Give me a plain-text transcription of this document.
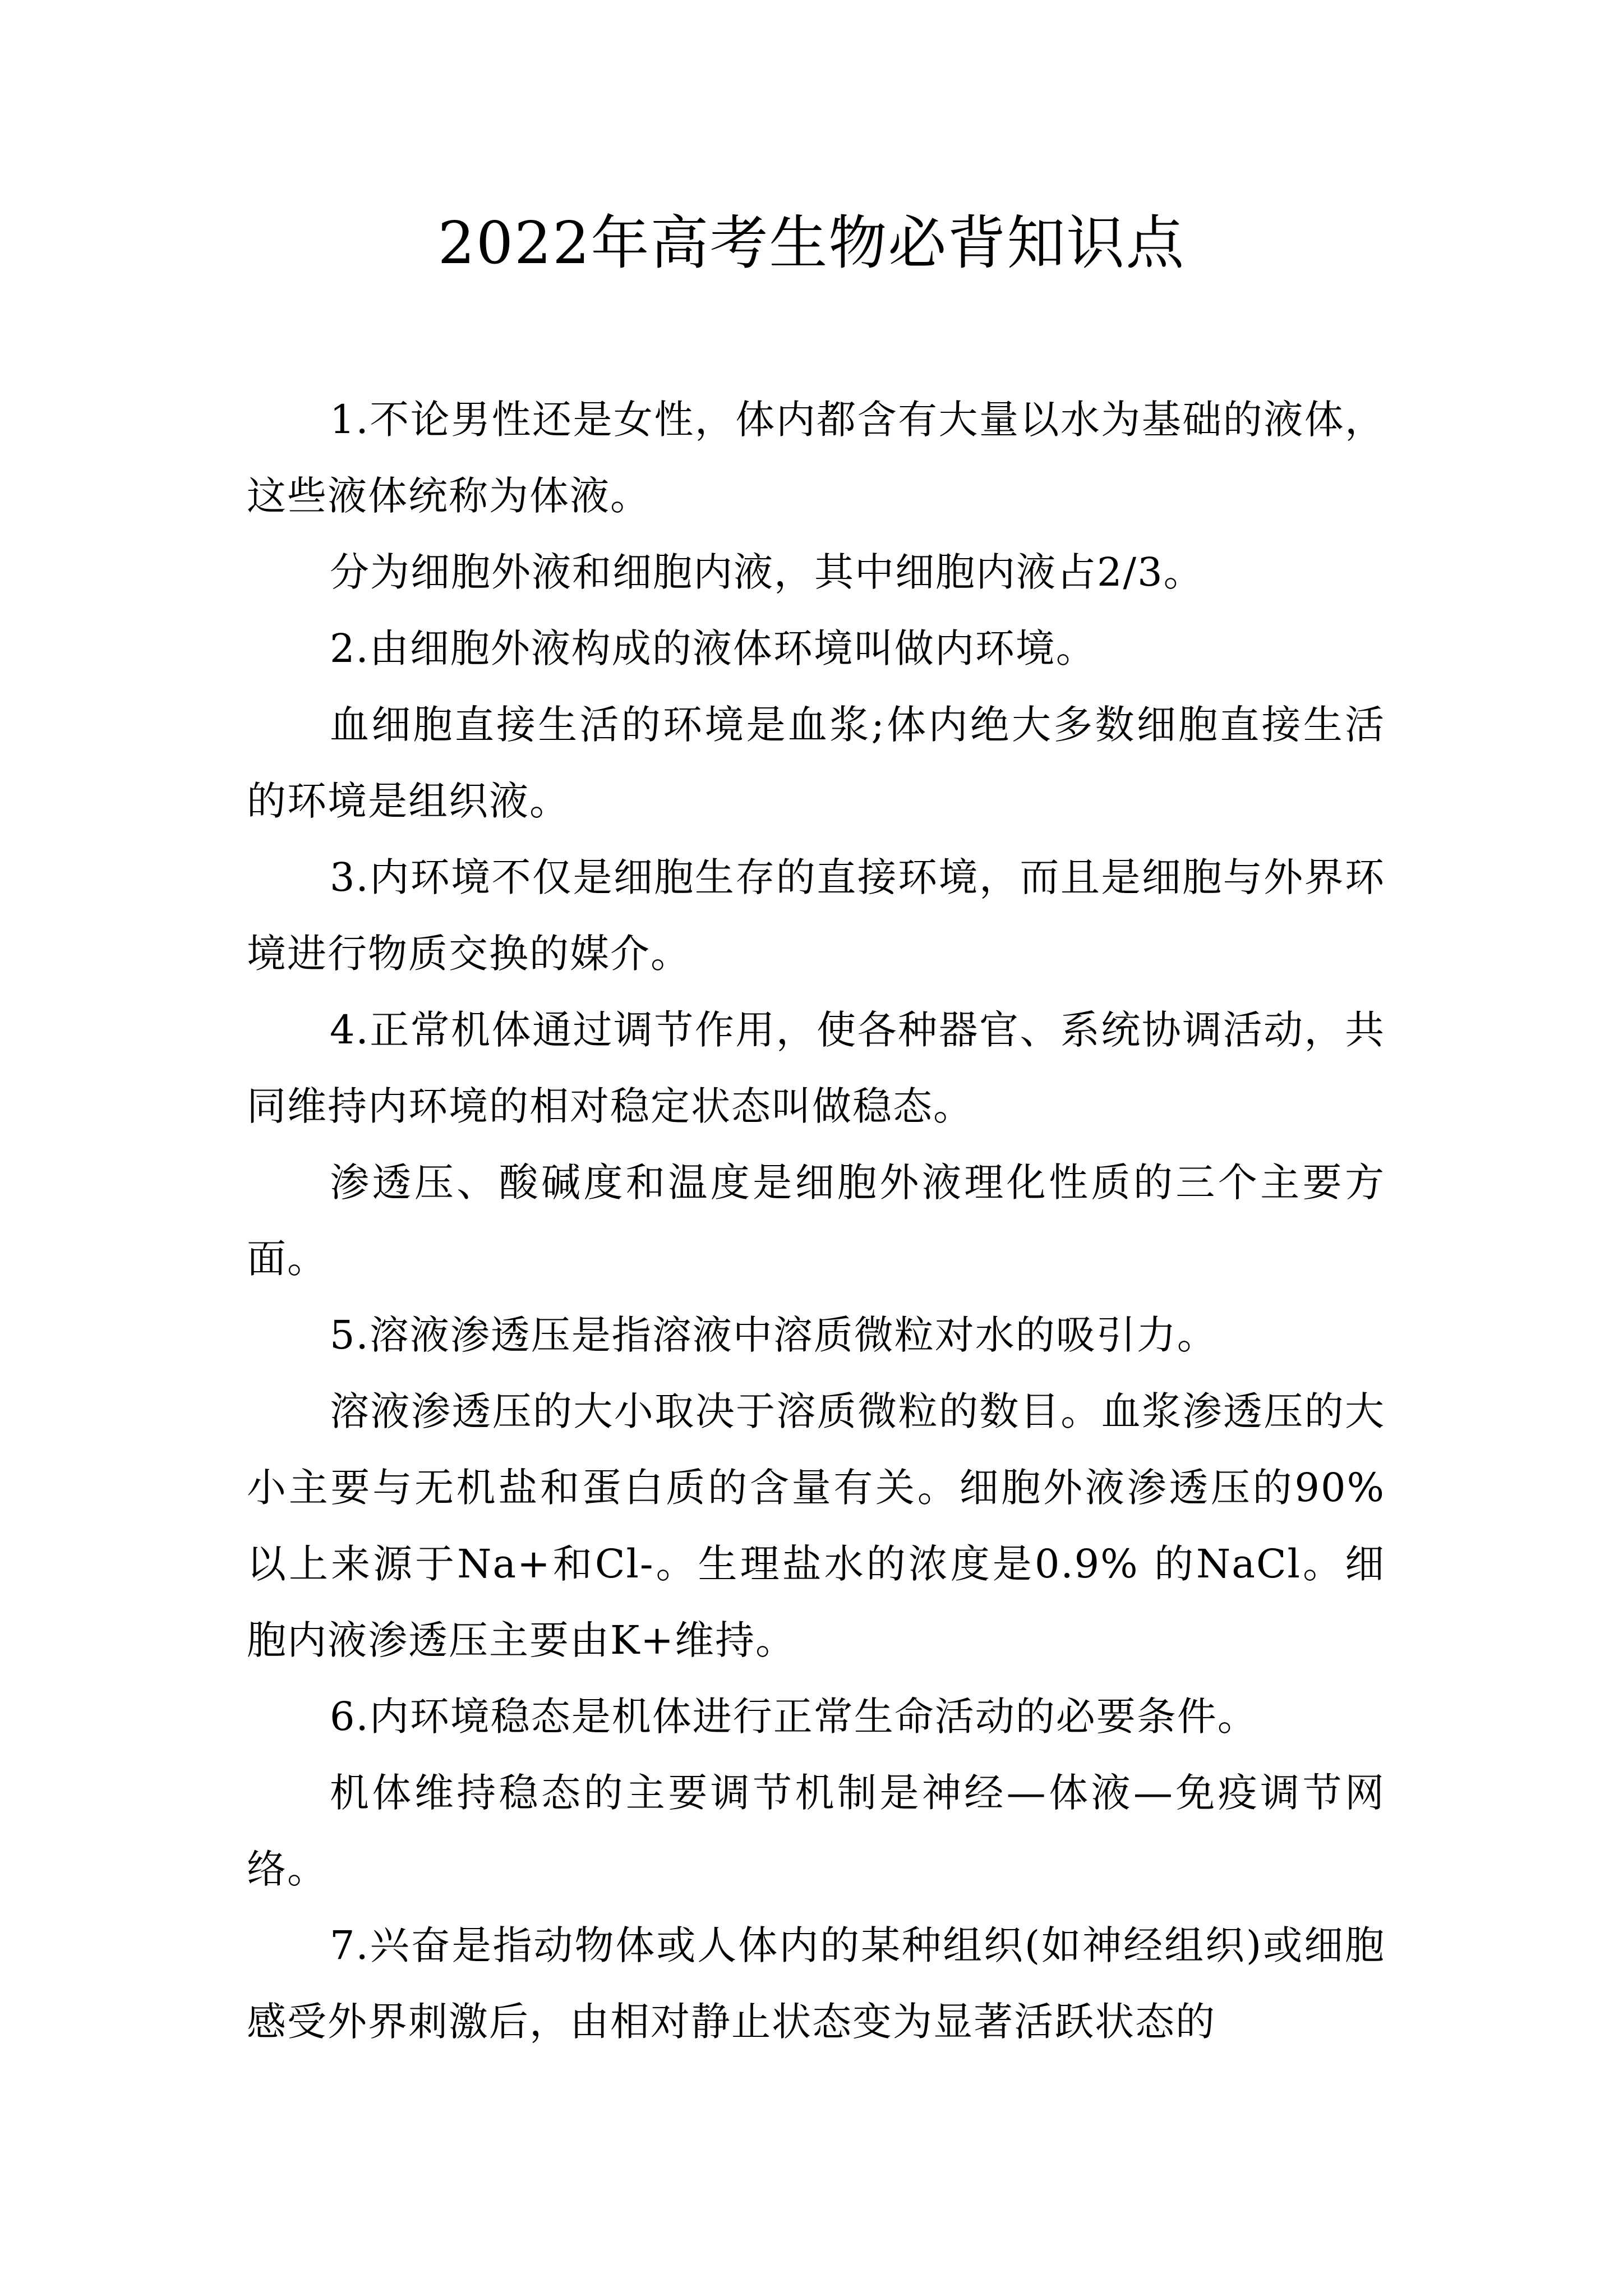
2022年高考生物必背知识点

1.不论男性还是女性，体内都含有大量以水为基础的液体，这些液体统称为体液。

分为细胞外液和细胞内液，其中细胞内液占2/3。

2.由细胞外液构成的液体环境叫做内环境。

血细胞直接生活的环境是血浆;体内绝大多数细胞直接生活的环境是组织液。

3.内环境不仅是细胞生存的直接环境，而且是细胞与外界环境进行物质交换的媒介。

4.正常机体通过调节作用，使各种器官、系统协调活动，共同维持内环境的相对稳定状态叫做稳态。

渗透压、酸碱度和温度是细胞外液理化性质的三个主要方面。

5.溶液渗透压是指溶液中溶质微粒对水的吸引力。

溶液渗透压的大小取决于溶质微粒的数目。血浆渗透压的大小主要与无机盐和蛋白质的含量有关。细胞外液渗透压的90%以上来源于Na+和Cl-。生理盐水的浓度是0.9% 的NaCl。细胞内液渗透压主要由K+维持。

6.内环境稳态是机体进行正常生命活动的必要条件。

机体维持稳态的主要调节机制是神经—体液—免疫调节网络。

7.兴奋是指动物体或人体内的某种组织(如神经组织)或细胞感受外界刺激后，由相对静止状态变为显著活跃状态的
